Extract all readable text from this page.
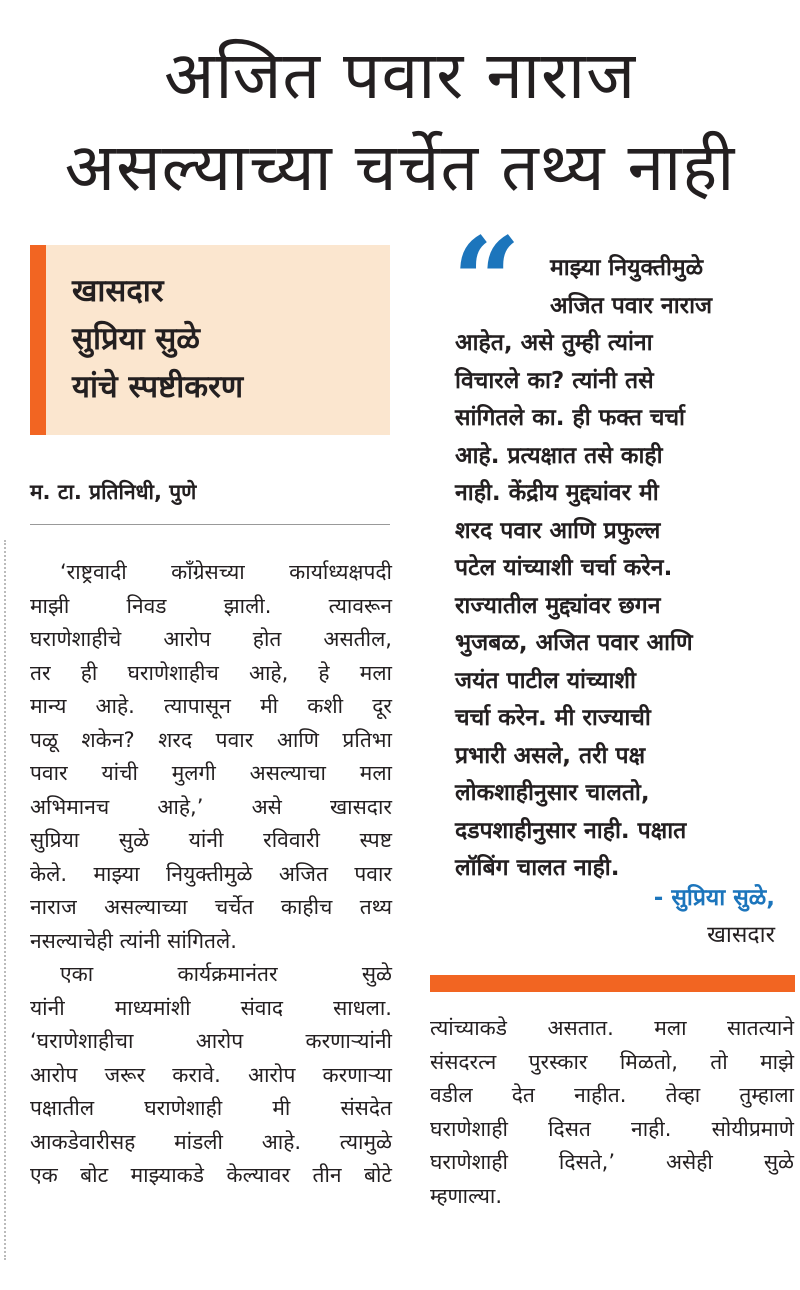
अजित पवार नाराज
असल्याच्या चर्चेत तथ्य नाही
खासदार
सुप्रिया सुळे
यांचे स्पष्टीकरण
म. टा. प्रतिनिधी, पुणे
‘राष्ट्रवादी काँग्रेसच्या कार्याध्यक्षपदी
माझी निवड झाली. त्यावरून
घराणेशाहीचे आरोप होत असतील,
तर ही घराणेशाहीच आहे, हे मला
मान्य आहे. त्यापासून मी कशी दूर
पळू शकेन? शरद पवार आणि प्रतिभा
पवार यांची मुलगी असल्याचा मला
अभिमानच आहे,’ असे खासदार
सुप्रिया सुळे यांनी रविवारी स्पष्ट
केले. माझ्या नियुक्तीमुळे अजित पवार
नाराज असल्याच्या चर्चेत काहीच तथ्य
नसल्याचेही त्यांनी सांगितले.
एका कार्यक्रमानंतर सुळे
यांनी माध्यमांशी संवाद साधला.
‘घराणेशाहीचा आरोप करणाऱ्यांनी
आरोप जरूर करावे. आरोप करणाऱ्या
पक्षातील घराणेशाही मी संसदेत
आकडेवारीसह मांडली आहे. त्यामुळे
एक बोट माझ्याकडे केल्यावर तीन बोटे
“	माझ्या नियुक्तीमुळे
अजित पवार नाराज
आहेत, असे तुम्ही त्यांना
विचारले का? त्यांनी तसे
सांगितले का. ही फक्त चर्चा
आहे. प्रत्यक्षात तसे काही
नाही. केंद्रीय मुद्द्यांवर मी
शरद पवार आणि प्रफुल्ल
पटेल यांच्याशी चर्चा करेन.
राज्यातील मुद्द्यांवर छगन
भुजबळ, अजित पवार आणि
जयंत पाटील यांच्याशी
चर्चा करेन. मी राज्याची
प्रभारी असले, तरी पक्ष
लोकशाहीनुसार चालतो,
दडपशाहीनुसार नाही. पक्षात
लॉबिंग चालत नाही.
- सुप्रिया सुळे,
खासदार
त्यांच्याकडे असतात. मला सातत्याने
संसदरत्न पुरस्कार मिळतो, तो माझे
वडील देत नाहीत. तेव्हा तुम्हाला
घराणेशाही दिसत नाही. सोयीप्रमाणे
घराणेशाही दिसते,’ असेही सुळे
म्हणाल्या.
